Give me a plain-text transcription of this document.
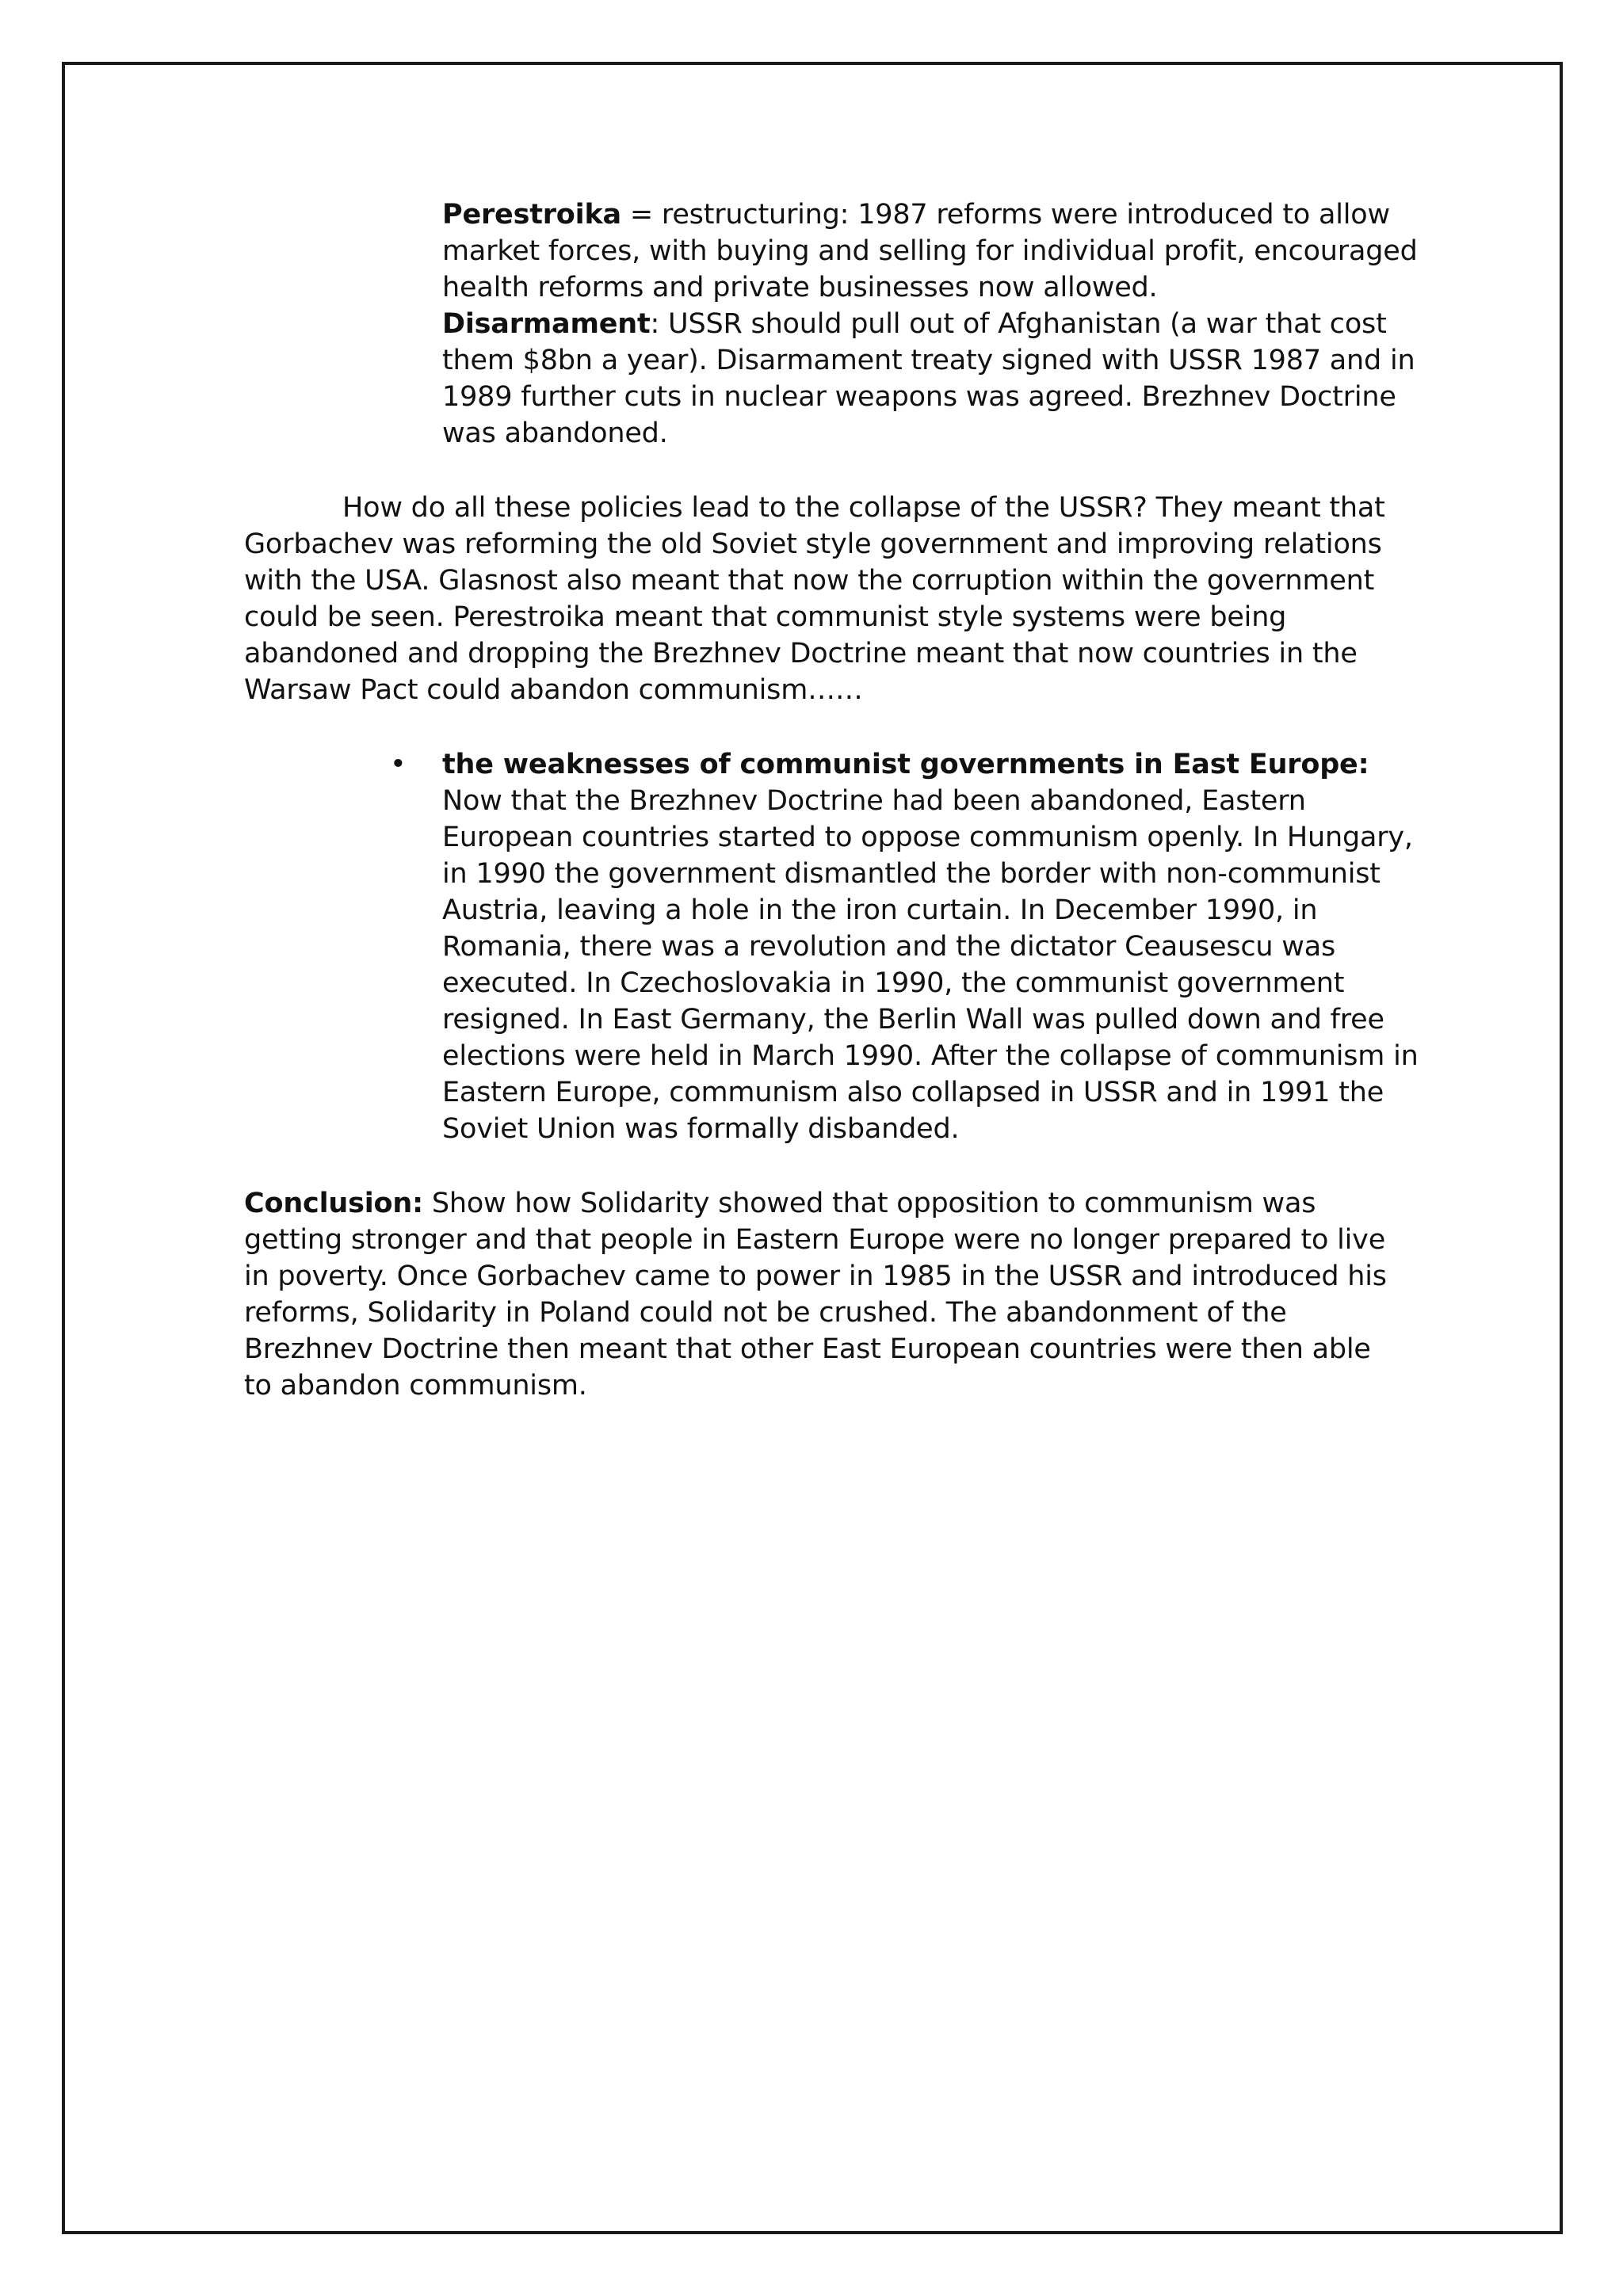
Perestroika = restructuring: 1987 reforms were introduced to allow market forces, with buying and selling for individual profit, encouraged health reforms and private businesses now allowed.

Disarmament: USSR should pull out of Afghanistan (a war that cost them $8bn a year). Disarmament treaty signed with USSR 1987 and in 1989 further cuts in nuclear weapons was agreed. Brezhnev Doctrine was abandoned.

How do all these policies lead to the collapse of the USSR? They meant that Gorbachev was reforming the old Soviet style government and improving relations with the USA. Glasnost also meant that now the corruption within the government could be seen. Perestroika meant that communist style systems were being abandoned and dropping the Brezhnev Doctrine meant that now countries in the Warsaw Pact could abandon communism……

• the weaknesses of communist governments in East Europe:

Now that the Brezhnev Doctrine had been abandoned, Eastern European countries started to oppose communism openly. In Hungary, in 1990 the government dismantled the border with non-communist Austria, leaving a hole in the iron curtain. In December 1990, in Romania, there was a revolution and the dictator Ceausescu was executed. In Czechoslovakia in 1990, the communist government resigned. In East Germany, the Berlin Wall was pulled down and free elections were held in March 1990. After the collapse of communism in Eastern Europe, communism also collapsed in USSR and in 1991 the Soviet Union was formally disbanded.

Conclusion: Show how Solidarity showed that opposition to communism was getting stronger and that people in Eastern Europe were no longer prepared to live in poverty. Once Gorbachev came to power in 1985 in the USSR and introduced his reforms, Solidarity in Poland could not be crushed. The abandonment of the Brezhnev Doctrine then meant that other East European countries were then able to abandon communism.
